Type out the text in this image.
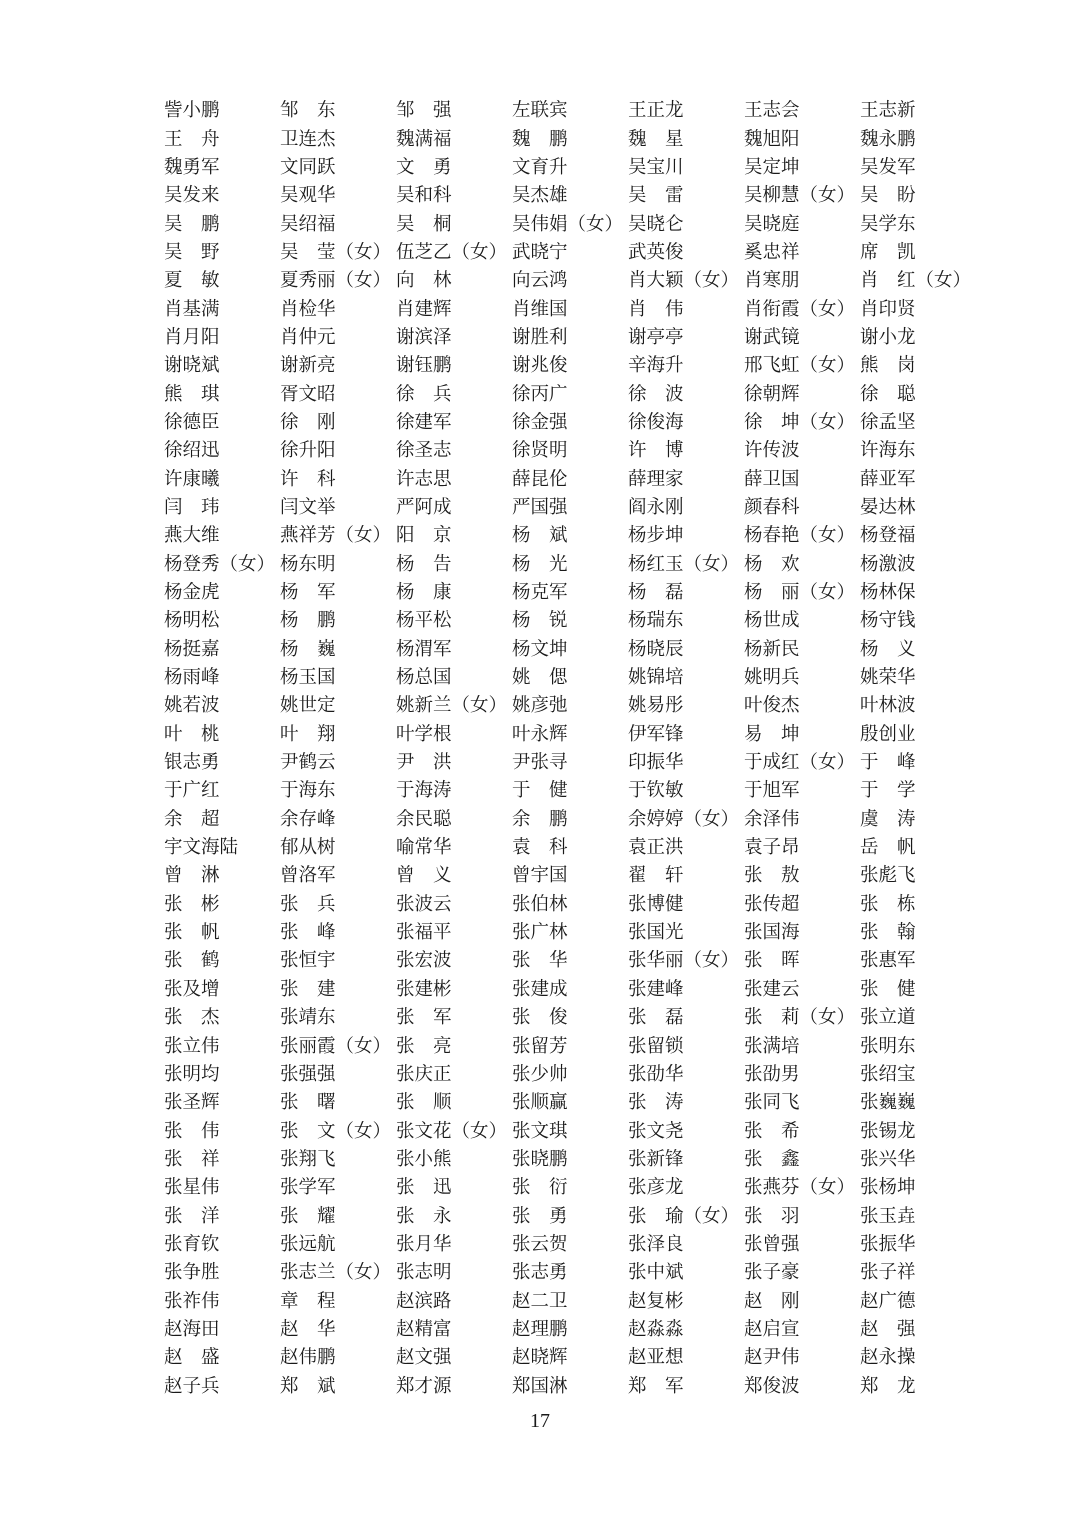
訾小鹏	邹　东	邹　强	左联宾	王正龙	王志会	王志新
王　舟	卫连杰	魏满福	魏　鹏	魏　星	魏旭阳	魏永鹏
魏勇军	文同跃	文　勇	文育升	吴宝川	吴定坤	吴发军
吴发来	吴观华	吴和科	吴杰雄	吴　雷	吴柳慧（女） 吴　盼
吴　鹏	吴绍福	吴　桐	吴伟娟（女） 吴晓仑	吴晓庭	吴学东
吴　野	吴　莹（女） 伍芝乙（女） 武晓宁	武英俊	奚忠祥	席　凯
夏　敏	夏秀丽（女） 向　林	向云鸿	肖大颖（女） 肖寒朋	肖　红（女）
肖基满	肖检华	肖建辉	肖维国	肖　伟	肖衔霞（女） 肖印贤
肖月阳	肖仲元	谢滨泽	谢胜利	谢亭亭	谢武镜	谢小龙
谢晓斌	谢新亮	谢钰鹏	谢兆俊	辛海升	邢飞虹（女） 熊　岗
熊　琪	胥文昭	徐　兵	徐丙广	徐　波	徐朝辉	徐　聪
徐德臣	徐　刚	徐建军	徐金强	徐俊海	徐　坤（女） 徐孟坚
徐绍迅	徐升阳	徐圣志	徐贤明	许　博	许传波	许海东
许康曦	许　科	许志思	薛昆伦	薛理家	薛卫国	薛亚军
闫　玮	闫文举	严阿成	严国强	阎永刚	颜春科	晏达林
燕大维	燕祥芳（女） 阳　京	杨　斌	杨步坤	杨春艳（女） 杨登福
杨登秀（女） 杨东明	杨　告	杨　光	杨红玉（女） 杨　欢	杨激波
杨金虎	杨　军	杨　康	杨克军	杨　磊	杨　丽（女） 杨林保
杨明松	杨　鹏	杨平松	杨　锐	杨瑞东	杨世成	杨守钱
杨挺嘉	杨　巍	杨渭军	杨文坤	杨晓辰	杨新民	杨　义
杨雨峰	杨玉国	杨总国	姚　偲	姚锦培	姚明兵	姚荣华
姚若波	姚世定	姚新兰（女） 姚彦弛	姚易彤	叶俊杰	叶林波
叶　桃	叶　翔	叶学根	叶永辉	伊军锋	易　坤	殷创业
银志勇	尹鹤云	尹　洪	尹张寻	印振华	于成红（女） 于　峰
于广红	于海东	于海涛	于　健	于钦敏	于旭军	于　学
余　超	余存峰	余民聪	余　鹏	余婷婷（女） 余泽伟	虞　涛
宇文海陆	郁从树	喻常华	袁　科	袁正洪	袁子昂	岳　帆
曾　淋	曾洛军	曾　义	曾宇国	翟　轩	张　敖	张彪飞
张　彬	张　兵	张波云	张伯林	张博健	张传超	张　栋
张　帆	张　峰	张福平	张广林	张国光	张国海	张　翰
张　鹤	张恒宇	张宏波	张　华	张华丽（女） 张　晖	张惠军
张及增	张　建	张建彬	张建成	张建峰	张建云	张　健
张　杰	张靖东	张　军	张　俊	张　磊	张　莉（女） 张立道
张立伟	张丽霞（女） 张　亮	张留芳	张留锁	张满培	张明东
张明均	张强强	张庆正	张少帅	张劭华	张劭男	张绍宝
张圣辉	张　曙	张　顺	张顺赢	张　涛	张同飞	张巍巍
张　伟	张　文（女） 张文花（女） 张文琪	张文尧	张　希	张锡龙
张　祥	张翔飞	张小熊	张晓鹏	张新锋	张　鑫	张兴华
张星伟	张学军	张　迅	张　衍	张彦龙	张燕芬（女） 张杨坤
张　洋	张　耀	张　永	张　勇	张　瑜（女） 张　羽	张玉垚
张育钦	张远航	张月华	张云贺	张泽良	张曾强	张振华
张争胜	张志兰（女） 张志明	张志勇	张中斌	张子豪	张子祥
张祚伟	章　程	赵滨路	赵二卫	赵复彬	赵　刚	赵广德
赵海田	赵　华	赵精富	赵理鹏	赵淼淼	赵启宣	赵　强
赵　盛	赵伟鹏	赵文强	赵晓辉	赵亚想	赵尹伟	赵永操
赵子兵	郑　斌	郑才源	郑国淋	郑　军	郑俊波	郑　龙
17
